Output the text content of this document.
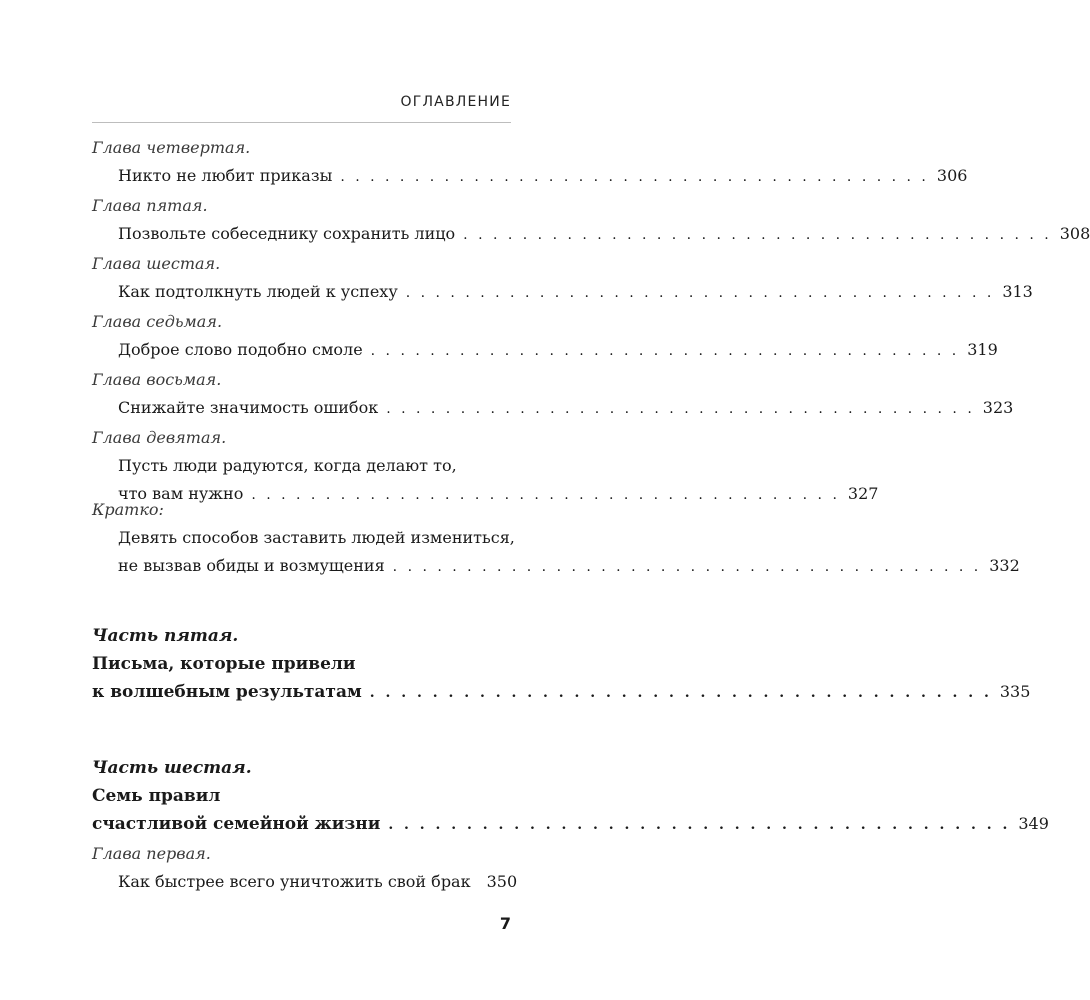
ОГЛАВЛЕНИЕ
Глава четвертая.
Никто не любит приказы . . . . . . . . . . . . . . . . . . . . . . . . . . . . . . . . . . . . . . . . 306
Глава пятая.
Позвольте собеседнику сохранить лицо . . . . . . . . . . . . . . . . . . . . . . . . . . . . . . . . . . . . . . . . 308
Глава шестая.
Как подтолкнуть людей к успеху . . . . . . . . . . . . . . . . . . . . . . . . . . . . . . . . . . . . . . . . 313
Глава седьмая.
Доброе слово подобно смоле . . . . . . . . . . . . . . . . . . . . . . . . . . . . . . . . . . . . . . . . 319
Глава восьмая.
Снижайте значимость ошибок . . . . . . . . . . . . . . . . . . . . . . . . . . . . . . . . . . . . . . . . 323
Глава девятая.
Пусть люди радуются, когда делают то,
что вам нужно . . . . . . . . . . . . . . . . . . . . . . . . . . . . . . . . . . . . . . . . 327
Кратко:
Девять способов заставить людей измениться,
не вызвав обиды и возмущения . . . . . . . . . . . . . . . . . . . . . . . . . . . . . . . . . . . . . . . . 332
Часть пятая.
Письма, которые привели
к волшебным результатам . . . . . . . . . . . . . . . . . . . . . . . . . . . . . . . . . . . . . . . . 335
Часть шестая.
Семь правил
счастливой семейной жизни . . . . . . . . . . . . . . . . . . . . . . . . . . . . . . . . . . . . . . . . 349
Глава первая.
Как быстрее всего уничтожить свой брак 350
7
